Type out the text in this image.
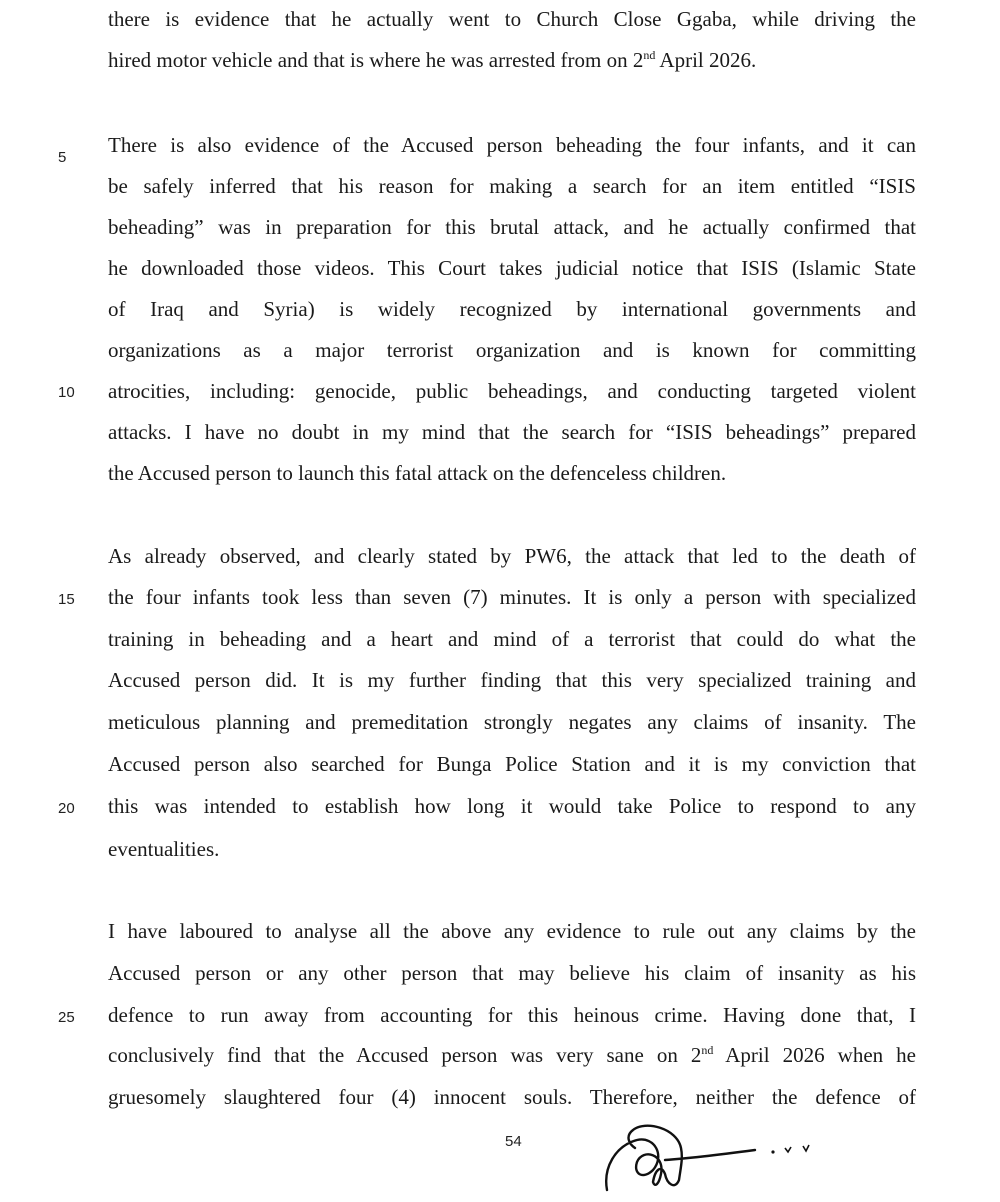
there is evidence that he actually went to Church Close Ggaba, while driving the
hired motor vehicle and that is where he was arrested from on 2nd April 2026.
There is also evidence of the Accused person beheading the four infants, and it can
be safely inferred that his reason for making a search for an item entitled “ISIS
beheading” was in preparation for this brutal attack, and he actually confirmed that
he downloaded those videos. This Court takes judicial notice that ISIS (Islamic State
of Iraq and Syria) is widely recognized by international governments and
organizations as a major terrorist organization and is known for committing
atrocities, including: genocide, public beheadings, and conducting targeted violent
attacks. I have no doubt in my mind that the search for “ISIS beheadings” prepared
the Accused person to launch this fatal attack on the defenceless children.
As already observed, and clearly stated by PW6, the attack that led to the death of
the four infants took less than seven (7) minutes. It is only a person with specialized
training in beheading and a heart and mind of a terrorist that could do what the
Accused person did. It is my further finding that this very specialized training and
meticulous planning and premeditation strongly negates any claims of insanity. The
Accused person also searched for Bunga Police Station and it is my conviction that
this was intended to establish how long it would take Police to respond to any
eventualities.
I have laboured to analyse all the above any evidence to rule out any claims by the
Accused person or any other person that may believe his claim of insanity as his
defence to run away from accounting for this heinous crime. Having done that, I
conclusively find that the Accused person was very sane on 2nd April 2026 when he
gruesomely slaughtered four (4) innocent souls. Therefore, neither the defence of
5
10
15
20
25
54
